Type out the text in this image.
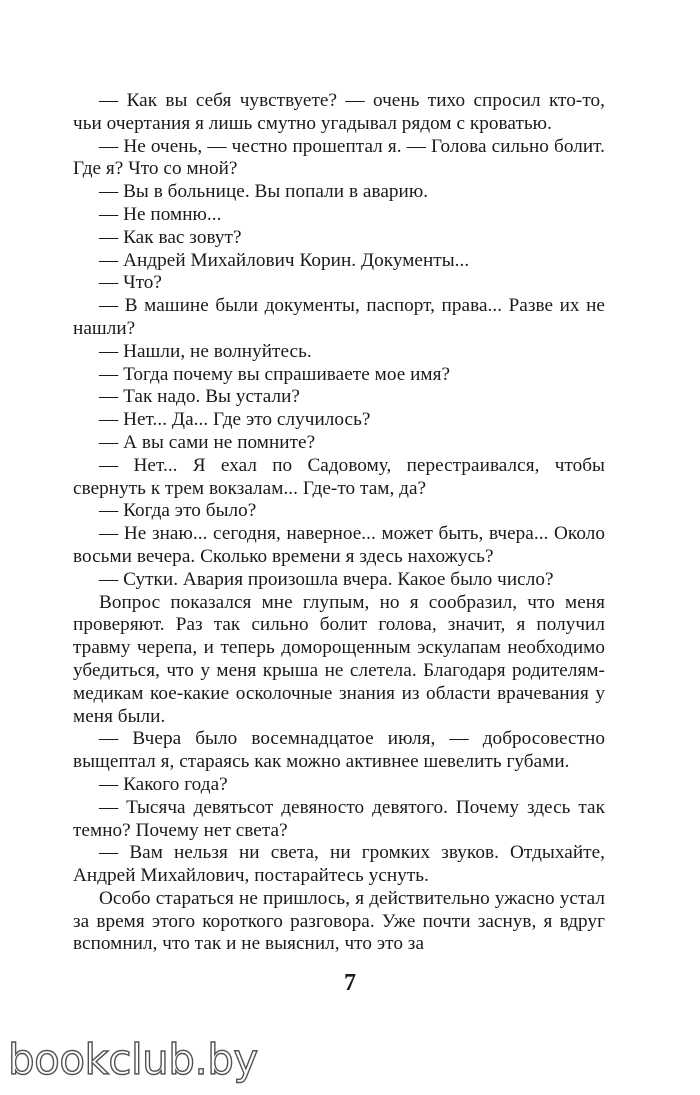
— Как вы себя чувствуете? — очень тихо спросил кто-то, чьи очертания я лишь смутно угадывал рядом с кроватью.

— Не очень, — честно прошептал я. — Голова сильно болит. Где я? Что со мной?

— Вы в больнице. Вы попали в аварию.

— Не помню...

— Как вас зовут?

— Андрей Михайлович Корин. Документы...

— Что?

— В машине были документы, паспорт, права... Разве их не нашли?

— Нашли, не волнуйтесь.

— Тогда почему вы спрашиваете мое имя?

— Так надо. Вы устали?

— Нет... Да... Где это случилось?

— А вы сами не помните?

— Нет... Я ехал по Садовому, перестраивался, чтобы свернуть к трем вокзалам... Где-то там, да?

— Когда это было?

— Не знаю... сегодня, наверное... может быть, вчера... Около восьми вечера. Сколько времени я здесь нахожусь?

— Сутки. Авария произошла вчера. Какое было число?

Вопрос показался мне глупым, но я сообразил, что меня проверяют. Раз так сильно болит голова, значит, я получил травму черепа, и теперь доморощенным эскулапам необходимо убедиться, что у меня крыша не слетела. Благодаря родителям-медикам кое-какие осколочные знания из области врачевания у меня были.

— Вчера было восемнадцатое июля, — добросовестно выщептал я, стараясь как можно активнее шевелить губами.

— Какого года?

— Тысяча девятьсот девяносто девятого. Почему здесь так темно? Почему нет света?

— Вам нельзя ни света, ни громких звуков. Отдыхайте, Андрей Михайлович, постарайтесь уснуть.

Особо стараться не пришлось, я действительно ужасно устал за время этого короткого разговора. Уже почти заснув, я вдруг вспомнил, что так и не выяснил, что это за

7
bookclub.by
